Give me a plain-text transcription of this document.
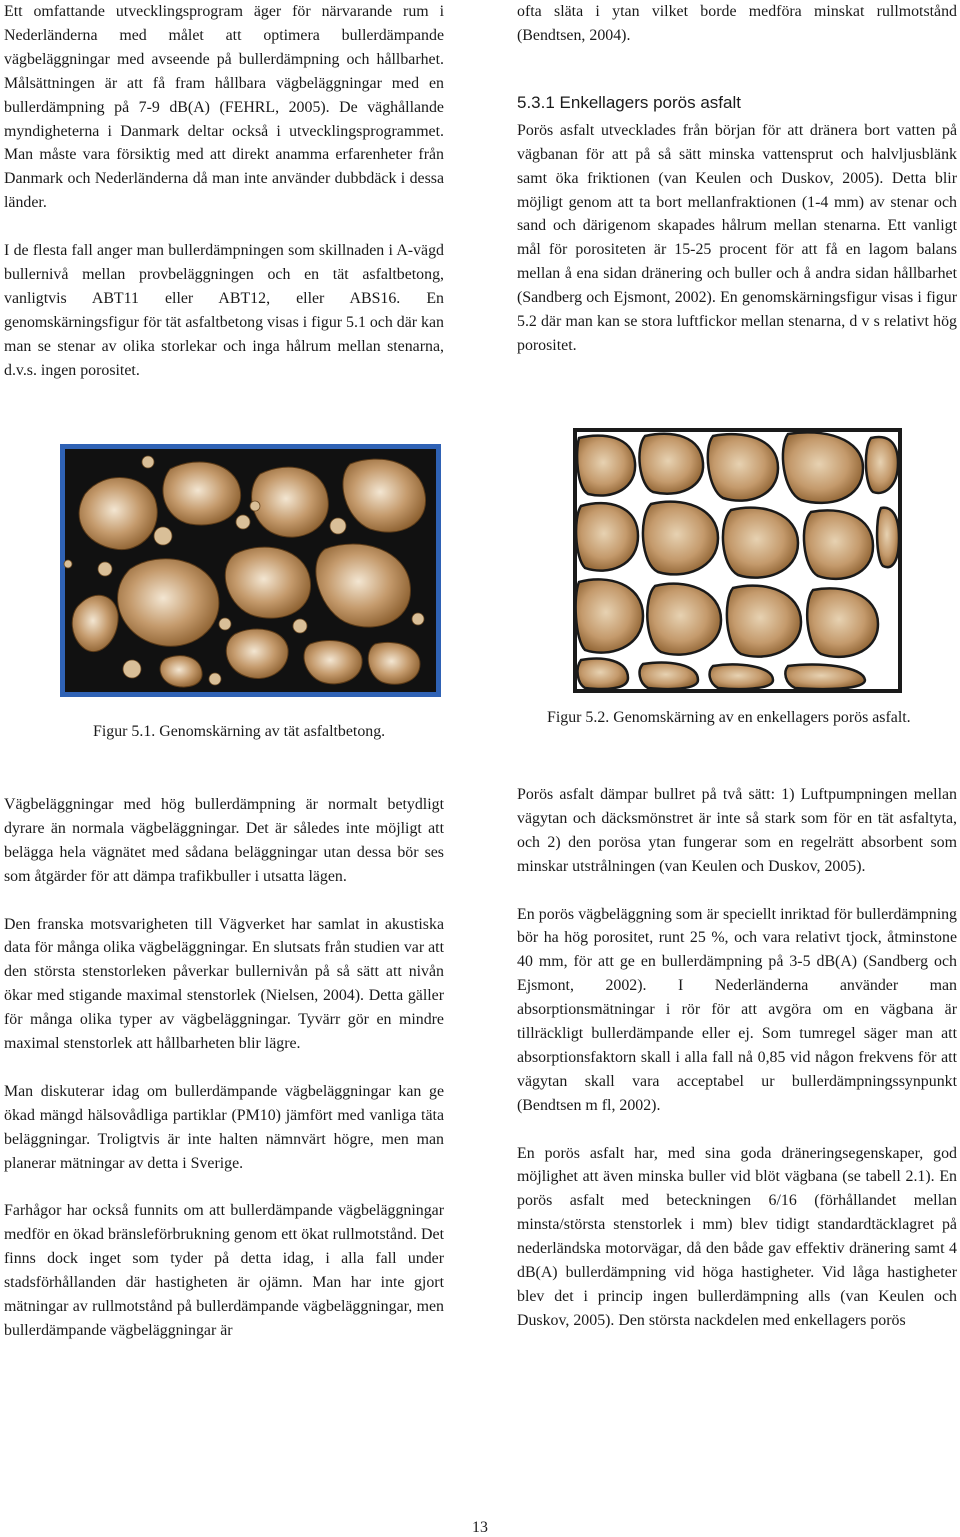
Ett omfattande utvecklingsprogram äger för närvarande rum i Nederländerna med målet att optimera bullerdämpande vägbeläggningar med avseende på bullerdämpning och hållbarhet. Målsättningen är att få fram hållbara vägbeläggningar med en bullerdämpning på 7-9 dB(A) (FEHRL, 2005). De väghållande myndigheterna i Danmark deltar också i utvecklingsprogrammet. Man måste vara försiktig med att direkt anamma erfarenheter från Danmark och Nederländerna då man inte använder dubbdäck i dessa länder.

I de flesta fall anger man bullerdämpningen som skillnaden i A-vägd bullernivå mellan provbeläggningen och en tät asfaltbetong, vanligtvis ABT11 eller ABT12, eller ABS16. En genomskärningsfigur för tät asfaltbetong visas i figur 5.1 och där kan man se stenar av olika storlekar och inga hålrum mellan stenarna, d.v.s. ingen porositet.

ofta släta i ytan vilket borde medföra minskat rullmotstånd (Bendtsen, 2004).

5.3.1 Enkellagers porös asfalt

Porös asfalt utvecklades från början för att dränera bort vatten på vägbanan för att på så sätt minska vattensprut och halvljusblänk samt öka friktionen (van Keulen och Duskov, 2005). Detta blir möjligt genom att ta bort mellanfraktionen (1-4 mm) av stenar och sand och därigenom skapades hålrum mellan stenarna. Ett vanligt mål för porositeten är 15-25 procent för att få en lagom balans mellan å ena sidan dränering och buller och å andra sidan hållbarhet (Sandberg och Ejsmont, 2002). En genomskärningsfigur visas i figur 5.2 där man kan se stora luftfickor mellan stenarna, d v s relativt hög porositet.

Figur 5.1. Genomskärning av tät asfaltbetong.
Figur 5.2. Genomskärning av en enkellagers porös asfalt.

Vägbeläggningar med hög bullerdämpning är normalt betydligt dyrare än normala vägbeläggningar. Det är således inte möjligt att belägga hela vägnätet med sådana beläggningar utan dessa bör ses som åtgärder för att dämpa trafikbuller i utsatta lägen.

Den franska motsvarigheten till Vägverket har samlat in akustiska data för många olika vägbeläggningar. En slutsats från studien var att den största stenstorleken påverkar bullernivån på så sätt att nivån ökar med stigande maximal stenstorlek (Nielsen, 2004). Detta gäller för många olika typer av vägbeläggningar. Tyvärr gör en mindre maximal stenstorlek att hållbarheten blir lägre.

Man diskuterar idag om bullerdämpande vägbeläggningar kan ge ökad mängd hälsovådliga partiklar (PM10) jämfört med vanliga täta beläggningar. Troligtvis är inte halten nämnvärt högre, men man planerar mätningar av detta i Sverige.

Farhågor har också funnits om att bullerdämpande vägbeläggningar medför en ökad bränsleförbrukning genom ett ökat rullmotstånd. Det finns dock inget som tyder på detta idag, i alla fall under stadsförhållanden där hastigheten är ojämn. Man har inte gjort mätningar av rullmotstånd på bullerdämpande vägbeläggningar, men bullerdämpande vägbeläggningar är

Porös asfalt dämpar bullret på två sätt: 1) Luftpumpningen mellan vägytan och däcksmönstret är inte så stark som för en tät asfaltyta, och 2) den porösa ytan fungerar som en regelrätt absorbent som minskar utstrålningen (van Keulen och Duskov, 2005).

En porös vägbeläggning som är speciellt inriktad för bullerdämpning bör ha hög porositet, runt 25 %, och vara relativt tjock, åtminstone 40 mm, för att ge en bullerdämpning på 3-5 dB(A) (Sandberg och Ejsmont, 2002). I Nederländerna använder man absorptionsmätningar i rör för att avgöra om en vägbana är tillräckligt bullerdämpande eller ej. Som tumregel säger man att absorptionsfaktorn skall i alla fall nå 0,85 vid någon frekvens för att vägytan skall vara acceptabel ur bullerdämpningssynpunkt (Bendtsen m fl, 2002).

En porös asfalt har, med sina goda dräneringsegenskaper, god möjlighet att även minska buller vid blöt vägbana (se tabell 2.1). En porös asfalt med beteckningen 6/16 (förhållandet mellan minsta/största stenstorlek i mm) blev tidigt standardtäcklagret på nederländska motorvägar, då den både gav effektiv dränering samt 4 dB(A) bullerdämpning vid höga hastigheter. Vid låga hastigheter blev det i princip ingen bullerdämpning alls (van Keulen och Duskov, 2005). Den största nackdelen med enkellagers porös

13
